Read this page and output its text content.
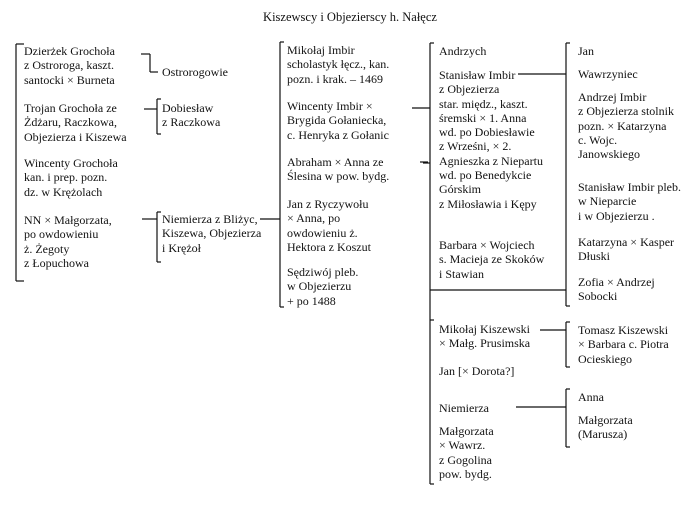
Kiszewscy i Objezierscy h. Nałęcz
Dzierżek Grochoła
z Ostroroga, kaszt.
santocki × Burneta
Trojan Grochoła ze
Żdżaru, Raczkowa,
Objezierza i Kiszewa
Wincenty Grochoła
kan. i prep. pozn.
dz. w Krężolach
NN × Małgorzata,
po owdowieniu
ż. Żegoty
z Łopuchowa
Ostrorogowie
Dobiesław
z Raczkowa
Niemierza z Bliżyc,
Kiszewa, Objezierza
i Krężoł
Mikołaj Imbir
scholastyk łęcz., kan.
pozn. i krak. – 1469
Wincenty Imbir ×
Brygida Gołaniecka,
c. Henryka z Gołanic
Abraham × Anna ze
Ślesina w pow. bydg.
Jan z Ryczywołu
× Anna, po
owdowieniu ż.
Hektora z Koszut
Sędziwój pleb.
w Objezierzu
+ po 1488
Andrzych
Stanisław Imbir
z Objezierza
star. międz., kaszt.
śremski × 1. Anna
wd. po Dobiesławie
z Wrześni, × 2.
Agnieszka z Niepartu
wd. po Benedykcie
Górskim
z Miłosławia i Kępy
Barbara × Wojciech
s. Macieja ze Skoków
i Stawian
Mikołaj Kiszewski
× Małg. Prusimska
Jan [× Dorota?]
Niemierza
Małgorzata
× Wawrz.
z Gogolina
pow. bydg.
Jan
Wawrzyniec
Andrzej Imbir
z Objezierza stolnik
pozn. × Katarzyna
c. Wojc.
Janowskiego
Stanisław Imbir pleb.
w Nieparcie
i w Objezierzu .
Katarzyna × Kasper
Dłuski
Zofia × Andrzej
Sobocki
Tomasz Kiszewski
× Barbara c. Piotra
Ocieskiego
Anna
Małgorzata
(Marusza)
